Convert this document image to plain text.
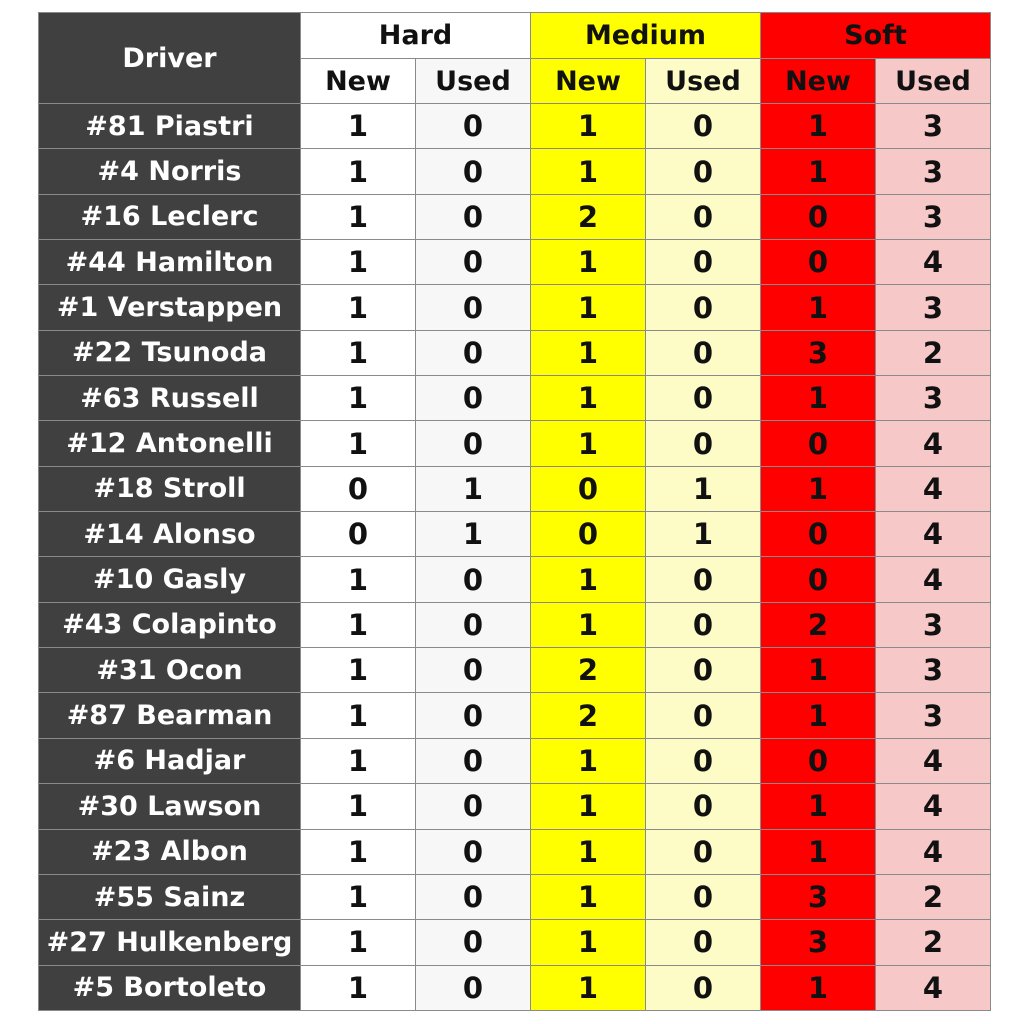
Driver	Hard		Medium		Soft	
	New	Used	New	Used	New	Used
#81 Piastri	1	0	1	0	1	3
#4 Norris	1	0	1	0	1	3
#16 Leclerc	1	0	2	0	0	3
#44 Hamilton	1	0	1	0	0	4
#1 Verstappen	1	0	1	0	1	3
#22 Tsunoda	1	0	1	0	3	2
#63 Russell	1	0	1	0	1	3
#12 Antonelli	1	0	1	0	0	4
#18 Stroll	0	1	0	1	1	4
#14 Alonso	0	1	0	1	0	4
#10 Gasly	1	0	1	0	0	4
#43 Colapinto	1	0	1	0	2	3
#31 Ocon	1	0	2	0	1	3
#87 Bearman	1	0	2	0	1	3
#6 Hadjar	1	0	1	0	0	4
#30 Lawson	1	0	1	0	1	4
#23 Albon	1	0	1	0	1	4
#55 Sainz	1	0	1	0	3	2
#27 Hulkenberg	1	0	1	0	3	2
#5 Bortoleto	1	0	1	0	1	4
